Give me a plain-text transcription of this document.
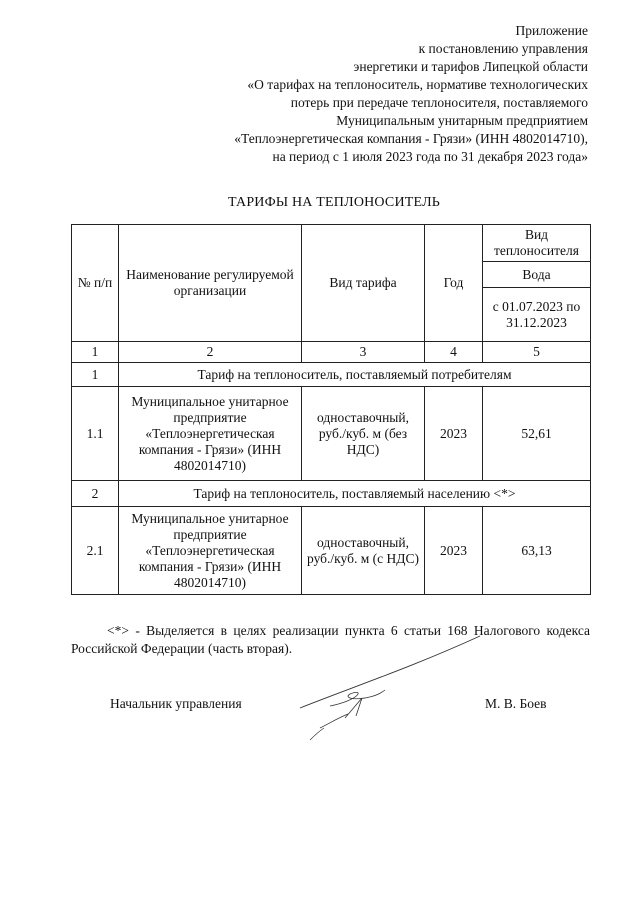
Приложение
к постановлению управления
энергетики и тарифов Липецкой области
«О тарифах на теплоноситель, нормативе технологических
потерь при передаче теплоносителя, поставляемого
Муниципальным унитарным предприятием
«Теплоэнергетическая компания - Грязи» (ИНН 4802014710),
на период с 1 июля 2023 года по 31 декабря 2023 года»
ТАРИФЫ НА ТЕПЛОНОСИТЕЛЬ
№ п/п	Наименование регулируемой организации	Вид тарифа	Год	Вид теплоносителя
				Вода
				с 01.07.2023 по 31.12.2023
1	2	3	4	5
1	Тариф на теплоноситель, поставляемый потребителям			
1.1	Муниципальное унитарное предприятие «Теплоэнергетическая компания - Грязи» (ИНН 4802014710)	одноставочный, руб./куб. м (без НДС)	2023	52,61
2	Тариф на теплоноситель, поставляемый населению <*>			
2.1	Муниципальное унитарное предприятие «Теплоэнергетическая компания - Грязи» (ИНН 4802014710)	одноставочный, руб./куб. м (с НДС)	2023	63,13
<*> - Выделяется в целях реализации пункта 6 статьи 168 Налогового кодекса Российской Федерации (часть вторая).
Начальник управления	М. В. Боев
